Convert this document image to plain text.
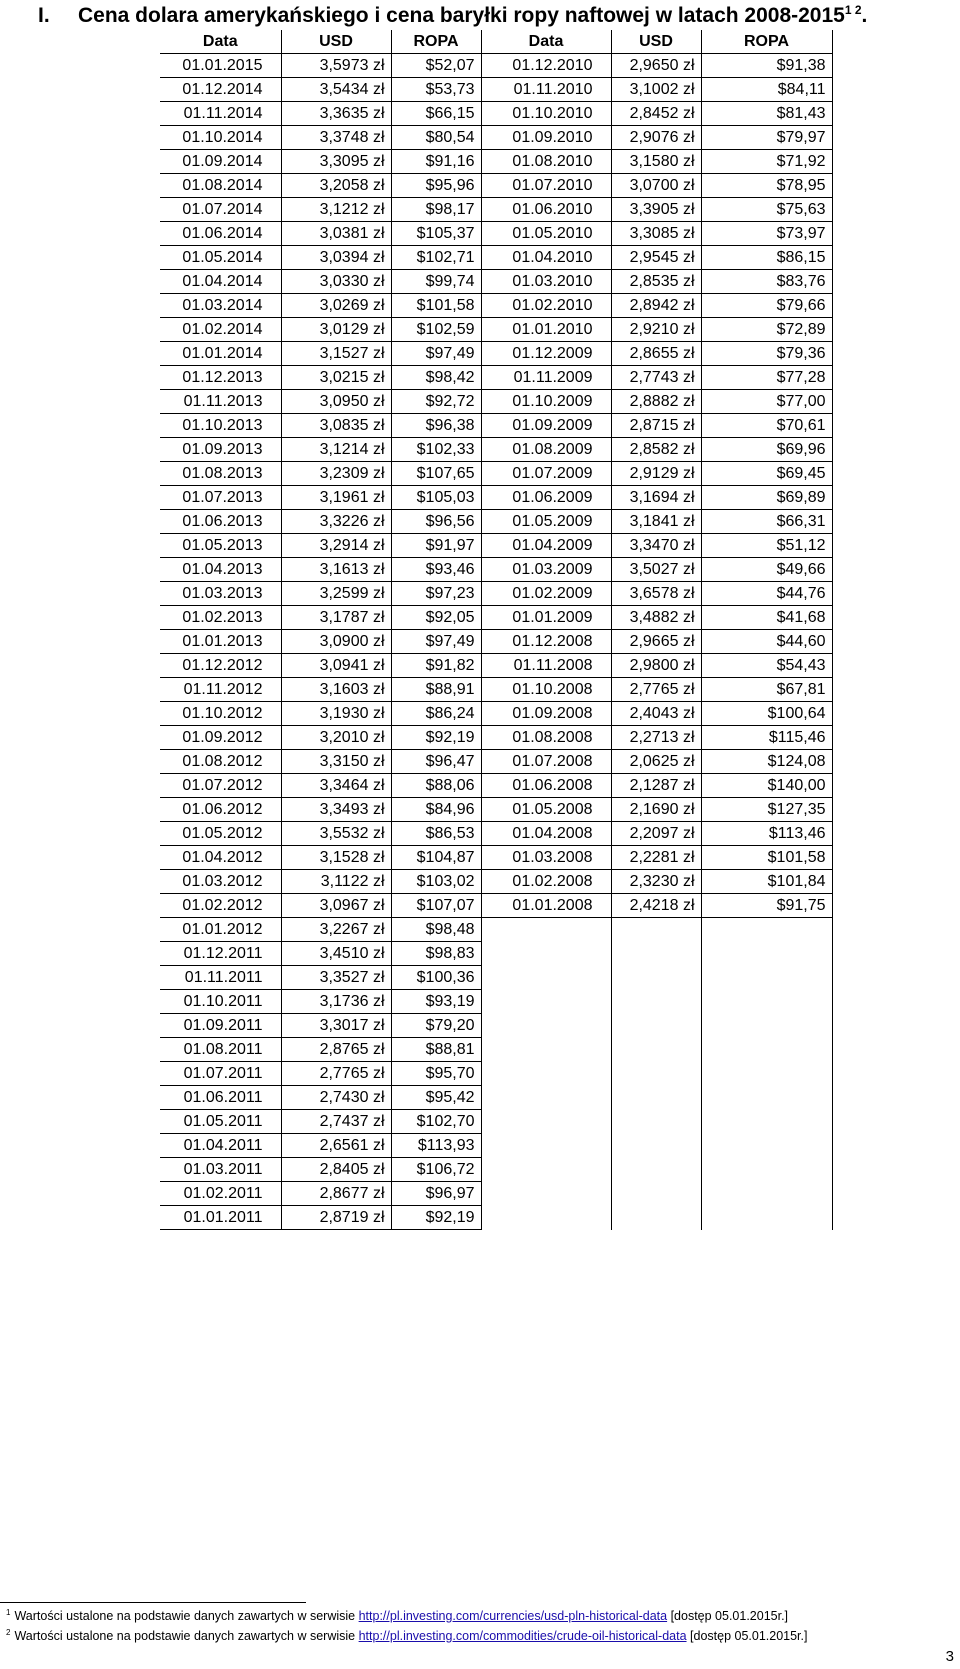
I. Cena dolara amerykańskiego i cena baryłki ropy naftowej w latach $2008-2015^{1 2}$.
Data	USD	ROPA	Data	USD	ROPA
01.01.2015	3,5973 zł	$52,07	01.12.2010	2,9650 zł	$91,38
01.12.2014	3,5434 zł	$53,73	01.11.2010	3,1002 zł	$84,11
01.11.2014	3,3635 zł	$66,15	01.10.2010	2,8452 zł	$81,43
01.10.2014	3,3748 zł	$80,54	01.09.2010	2,9076 zł	$79,97
01.09.2014	3,3095 zł	$91,16	01.08.2010	3,1580 zł	$71,92
01.08.2014	3,2058 zł	$95,96	01.07.2010	3,0700 zł	$78,95
01.07.2014	3,1212 zł	$98,17	01.06.2010	3,3905 zł	$75,63
01.06.2014	3,0381 zł	$105,37	01.05.2010	3,3085 zł	$73,97
01.05.2014	3,0394 zł	$102,71	01.04.2010	2,9545 zł	$86,15
01.04.2014	3,0330 zł	$99,74	01.03.2010	2,8535 zł	$83,76
01.03.2014	3,0269 zł	$101,58	01.02.2010	2,8942 zł	$79,66
01.02.2014	3,0129 zł	$102,59	01.01.2010	2,9210 zł	$72,89
01.01.2014	3,1527 zł	$97,49	01.12.2009	2,8655 zł	$79,36
01.12.2013	3,0215 zł	$98,42	01.11.2009	2,7743 zł	$77,28
01.11.2013	3,0950 zł	$92,72	01.10.2009	2,8882 zł	$77,00
01.10.2013	3,0835 zł	$96,38	01.09.2009	2,8715 zł	$70,61
01.09.2013	3,1214 zł	$102,33	01.08.2009	2,8582 zł	$69,96
01.08.2013	3,2309 zł	$107,65	01.07.2009	2,9129 zł	$69,45
01.07.2013	3,1961 zł	$105,03	01.06.2009	3,1694 zł	$69,89
01.06.2013	3,3226 zł	$96,56	01.05.2009	3,1841 zł	$66,31
01.05.2013	3,2914 zł	$91,97	01.04.2009	3,3470 zł	$51,12
01.04.2013	3,1613 zł	$93,46	01.03.2009	3,5027 zł	$49,66
01.03.2013	3,2599 zł	$97,23	01.02.2009	3,6578 zł	$44,76
01.02.2013	3,1787 zł	$92,05	01.01.2009	3,4882 zł	$41,68
01.01.2013	3,0900 zł	$97,49	01.12.2008	2,9665 zł	$44,60
01.12.2012	3,0941 zł	$91,82	01.11.2008	2,9800 zł	$54,43
01.11.2012	3,1603 zł	$88,91	01.10.2008	2,7765 zł	$67,81
01.10.2012	3,1930 zł	$86,24	01.09.2008	2,4043 zł	$100,64
01.09.2012	3,2010 zł	$92,19	01.08.2008	2,2713 zł	$115,46
01.08.2012	3,3150 zł	$96,47	01.07.2008	2,0625 zł	$124,08
01.07.2012	3,3464 zł	$88,06	01.06.2008	2,1287 zł	$140,00
01.06.2012	3,3493 zł	$84,96	01.05.2008	2,1690 zł	$127,35
01.05.2012	3,5532 zł	$86,53	01.04.2008	2,2097 zł	$113,46
01.04.2012	3,1528 zł	$104,87	01.03.2008	2,2281 zł	$101,58
01.03.2012	3,1122 zł	$103,02	01.02.2008	2,3230 zł	$101,84
01.02.2012	3,0967 zł	$107,07	01.01.2008	2,4218 zł	$91,75
01.01.2012	3,2267 zł	$98,48			
01.12.2011	3,4510 zł	$98,83			
01.11.2011	3,3527 zł	$100,36			
01.10.2011	3,1736 zł	$93,19			
01.09.2011	3,3017 zł	$79,20			
01.08.2011	2,8765 zł	$88,81			
01.07.2011	2,7765 zł	$95,70			
01.06.2011	2,7430 zł	$95,42			
01.05.2011	2,7437 zł	$102,70			
01.04.2011	2,6561 zł	$113,93			
01.03.2011	2,8405 zł	$106,72			
01.02.2011	2,8677 zł	$96,97			
01.01.2011	2,8719 zł	$92,19			
$^1$ Wartości ustalone na podstawie danych zawartych w serwisie http://pl.investing.com/currencies/usd-pln-historical-data [dostęp 05.01.2015r.]
$^2$ Wartości ustalone na podstawie danych zawartych w serwisie http://pl.investing.com/commodities/crude-oil-historical-data [dostęp 05.01.2015r.]
3
